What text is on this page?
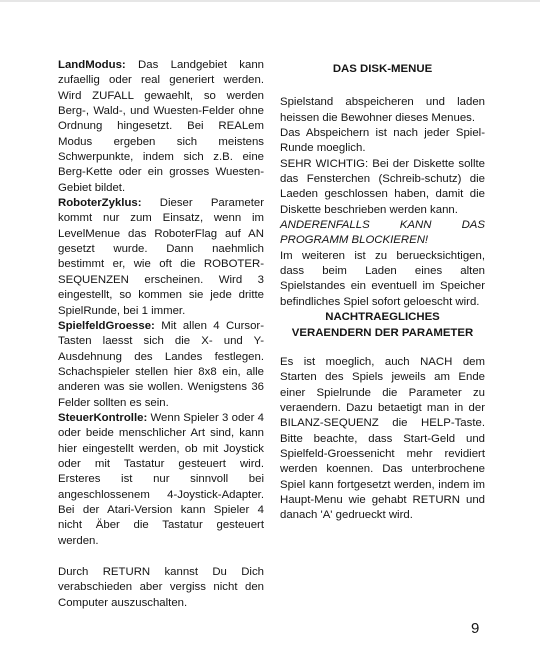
LandModus: Das Landgebiet kann zufaellig oder real generiert werden. Wird ZUFALL gewaehlt, so werden Berg-, Wald-, und Wuesten-Felder ohne Ordnung hingesetzt. Bei REALem Modus ergeben sich meistens Schwerpunkte, indem sich z.B. eine Berg-Kette oder ein grosses Wuesten-Gebiet bildet.

RoboterZyklus: Dieser Parameter kommt nur zum Einsatz, wenn im LevelMenue das RoboterFlag auf AN gesetzt wurde. Dann naehmlich bestimmt er, wie oft die ROBOTER-SEQUENZEN erscheinen. Wird 3 eingestellt, so kommen sie jede dritte SpielRunde, bei 1 immer.

SpielfeldGroesse: Mit allen 4 Cursor-Tasten laesst sich die X- und Y-Ausdehnung des Landes festlegen. Schachspieler stellen hier 8x8 ein, alle anderen was sie wollen. Wenigstens 36 Felder sollten es sein.

SteuerKontrolle: Wenn Spieler 3 oder 4 oder beide menschlicher Art sind, kann hier eingestellt werden, ob mit Joystick oder mit Tastatur gesteuert wird. Ersteres ist nur sinnvoll bei angeschlossenem 4-Joystick-Adapter. Bei der Atari-Version kann Spieler 4 nicht Äber die Tastatur gesteuert werden.

Durch RETURN kannst Du Dich verabschieden aber vergiss nicht den Computer auszuschalten.

DAS DISK-MENUE

Spielstand abspeicheren und laden heissen die Bewohner dieses Menues.

Das Abspeichern ist nach jeder Spiel-Runde moeglich.

SEHR WICHTIG: Bei der Diskette sollte das Fensterchen (Schreib-schutz) die Laeden geschlossen haben, damit die Diskette beschrieben werden kann.

ANDERENFALLS KANN DAS PROGRAMM BLOCKIEREN!

Im weiteren ist zu beruecksichtigen, dass beim Laden eines alten Spielstandes ein eventuell im Speicher befindliches Spiel sofort geloescht wird.

NACHTRAEGLICHES
VERAENDERN DER PARAMETER

Es ist moeglich, auch NACH dem Starten des Spiels jeweils am Ende einer Spielrunde die Parameter zu veraendern. Dazu betaetigt man in der BILANZ-SEQUENZ die HELP-Taste. Bitte beachte, dass Start-Geld und Spielfeld-Groessenicht mehr revidiert werden koennen. Das unterbrochene Spiel kann fortgesetzt werden, indem im Haupt-Menu wie gehabt RETURN und danach 'A' gedrueckt wird.

9
